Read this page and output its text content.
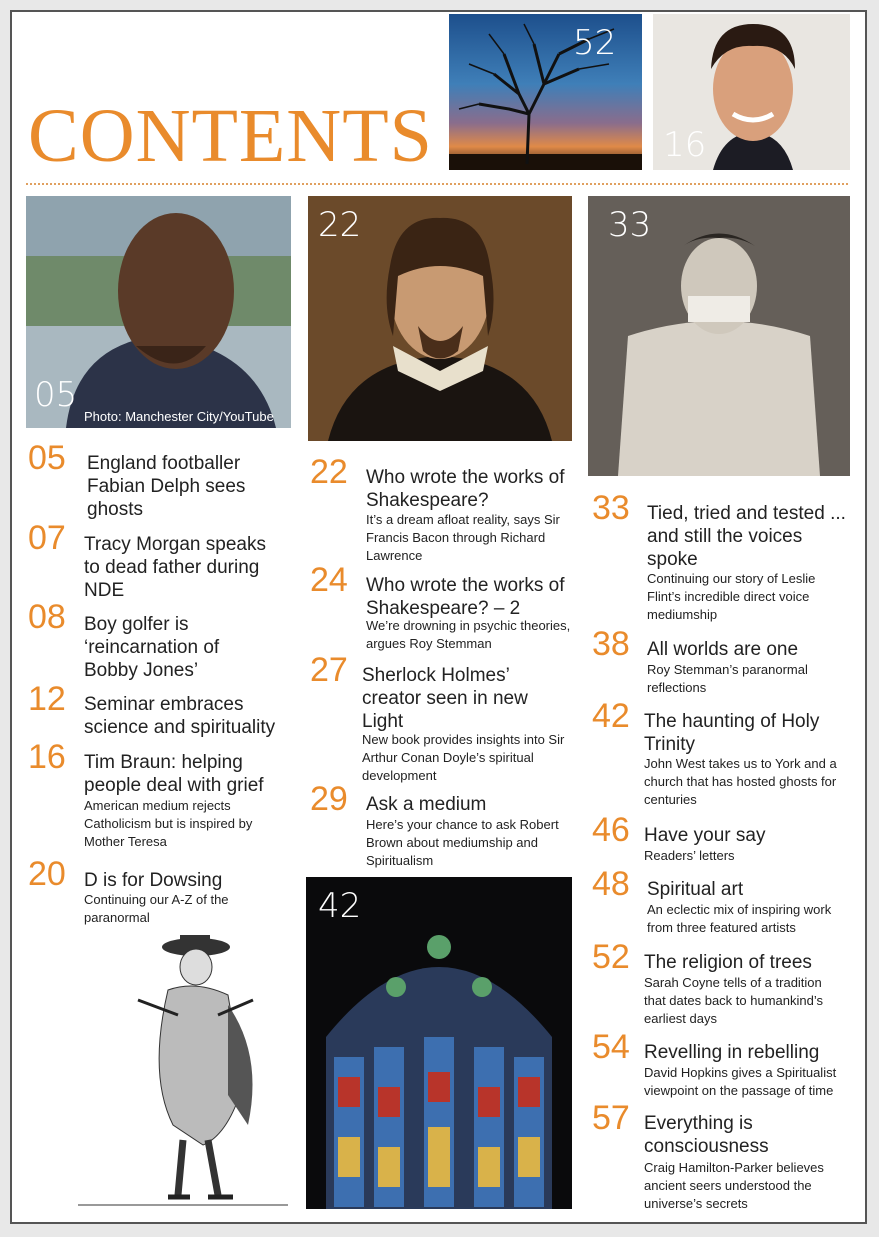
CONTENTS
52
16
05
Photo: Manchester City/YouTube
22	33
42
05 England footballer Fabian Delph sees ghosts
07 Tracy Morgan speaks to dead father during NDE
08 Boy golfer is ‘reincarnation of Bobby Jones’
12 Seminar embraces science and spirituality
16 Tim Braun: helping people deal with grief
American medium rejects Catholicism but is inspired by Mother Teresa
20 D is for Dowsing
Continuing our A-Z of the paranormal
22 Who wrote the works of Shakespeare?
It’s a dream afloat reality, says Sir Francis Bacon through Richard Lawrence
24 Who wrote the works of Shakespeare? – 2
We’re drowning in psychic theories, argues Roy Stemman
27 Sherlock Holmes’ creator seen in new Light
New book provides insights into Sir Arthur Conan Doyle’s spiritual development
29 Ask a medium
Here’s your chance to ask Robert Brown about mediumship and Spiritualism
33 Tied, tried and tested ... and still the voices spoke
Continuing our story of Leslie Flint’s incredible direct voice mediumship
38 All worlds are one
Roy Stemman’s paranormal reflections
42 The haunting of Holy Trinity
John West takes us to York and a church that has hosted ghosts for centuries
46 Have your say
Readers’ letters
48 Spiritual art
An eclectic mix of inspiring work from three featured artists
52 The religion of trees
Sarah Coyne tells of a tradition that dates back to humankind’s earliest days
54 Revelling in rebelling
David Hopkins gives a Spiritualist viewpoint on the passage of time
57 Everything is consciousness
Craig Hamilton-Parker believes ancient seers understood the universe’s secrets
